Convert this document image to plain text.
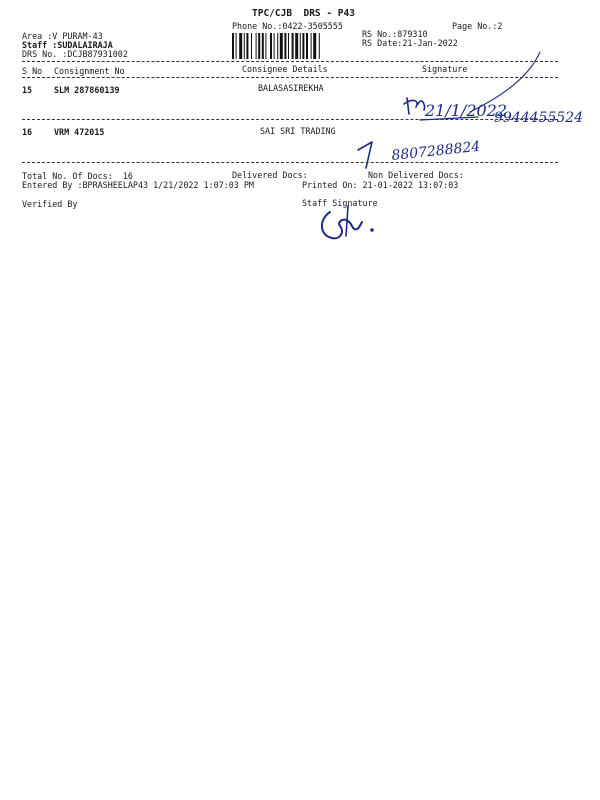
TPC/CJB  DRS - P43
Phone No.:0422-3505555	Page No.:2
Area :V PURAM-43
Staff :SUDALAIRAJA
DRS No. :DCJB87931002
RS No.:879310
RS Date:21-Jan-2022
S No Consignment No	Consignee Details	Signature
15	SLM 287860139	BALASASIREKHA
16	VRM 472015	SAI SRI TRADING
Total No. Of Docs:  16	Delivered Docs:	Non Delivered Docs:
Entered By :BPRASHEELAP43 1/21/2022 1:07:03 PM	Printed On: 21-01-2022 13:07:03
Verified By	Staff Signature
21/1/2022
9944455524
8807288824
